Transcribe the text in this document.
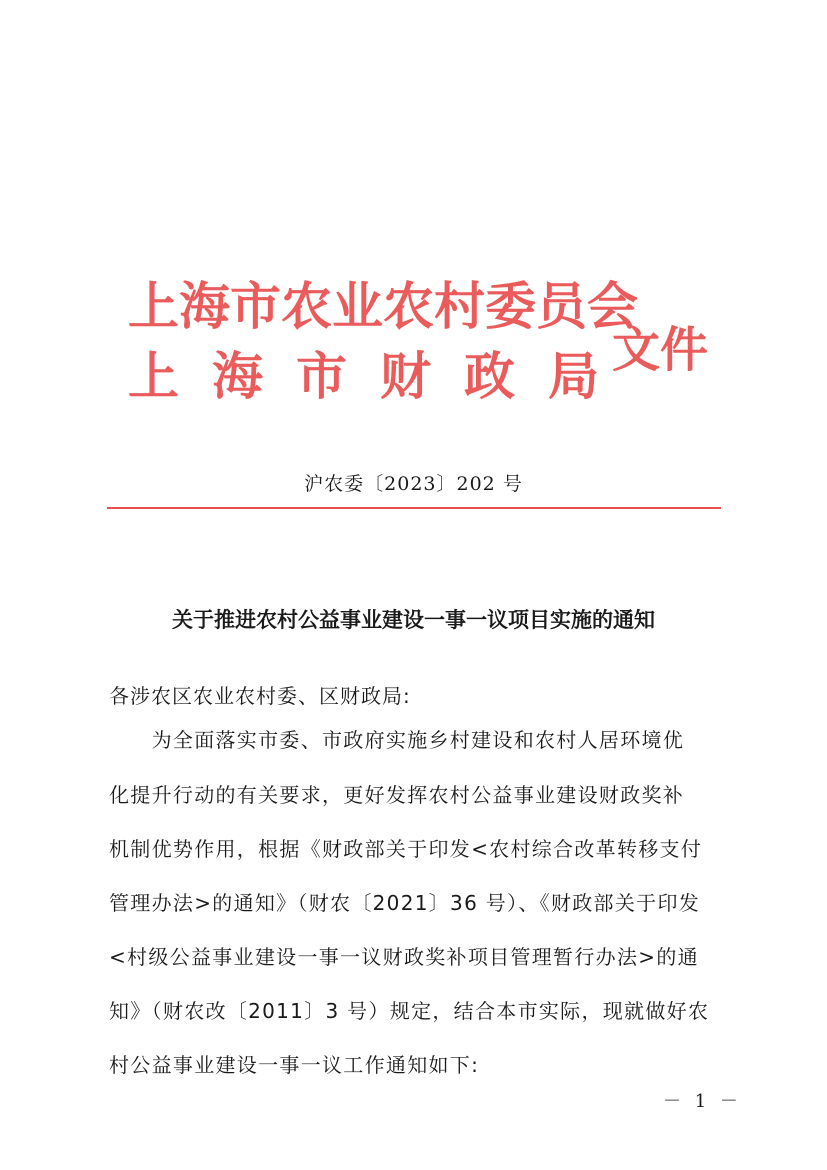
上海市农业农村委员会
上海市财政局
文件
沪农委〔2023〕202 号
关于推进农村公益事业建设一事一议项目实施的通知
各涉农区农业农村委、区财政局:
　　为全面落实市委、市政府实施乡村建设和农村人居环境优
化提升行动的有关要求，更好发挥农村公益事业建设财政奖补
机制优势作用，根据《财政部关于印发<农村综合改革转移支付
管理办法>的通知》（财农〔2021〕36 号）、《财政部关于印发
<村级公益事业建设一事一议财政奖补项目管理暂行办法>的通
知》（财农改〔2011〕3 号）规定，结合本市实际，现就做好农
村公益事业建设一事一议工作通知如下:
－ 1 －
